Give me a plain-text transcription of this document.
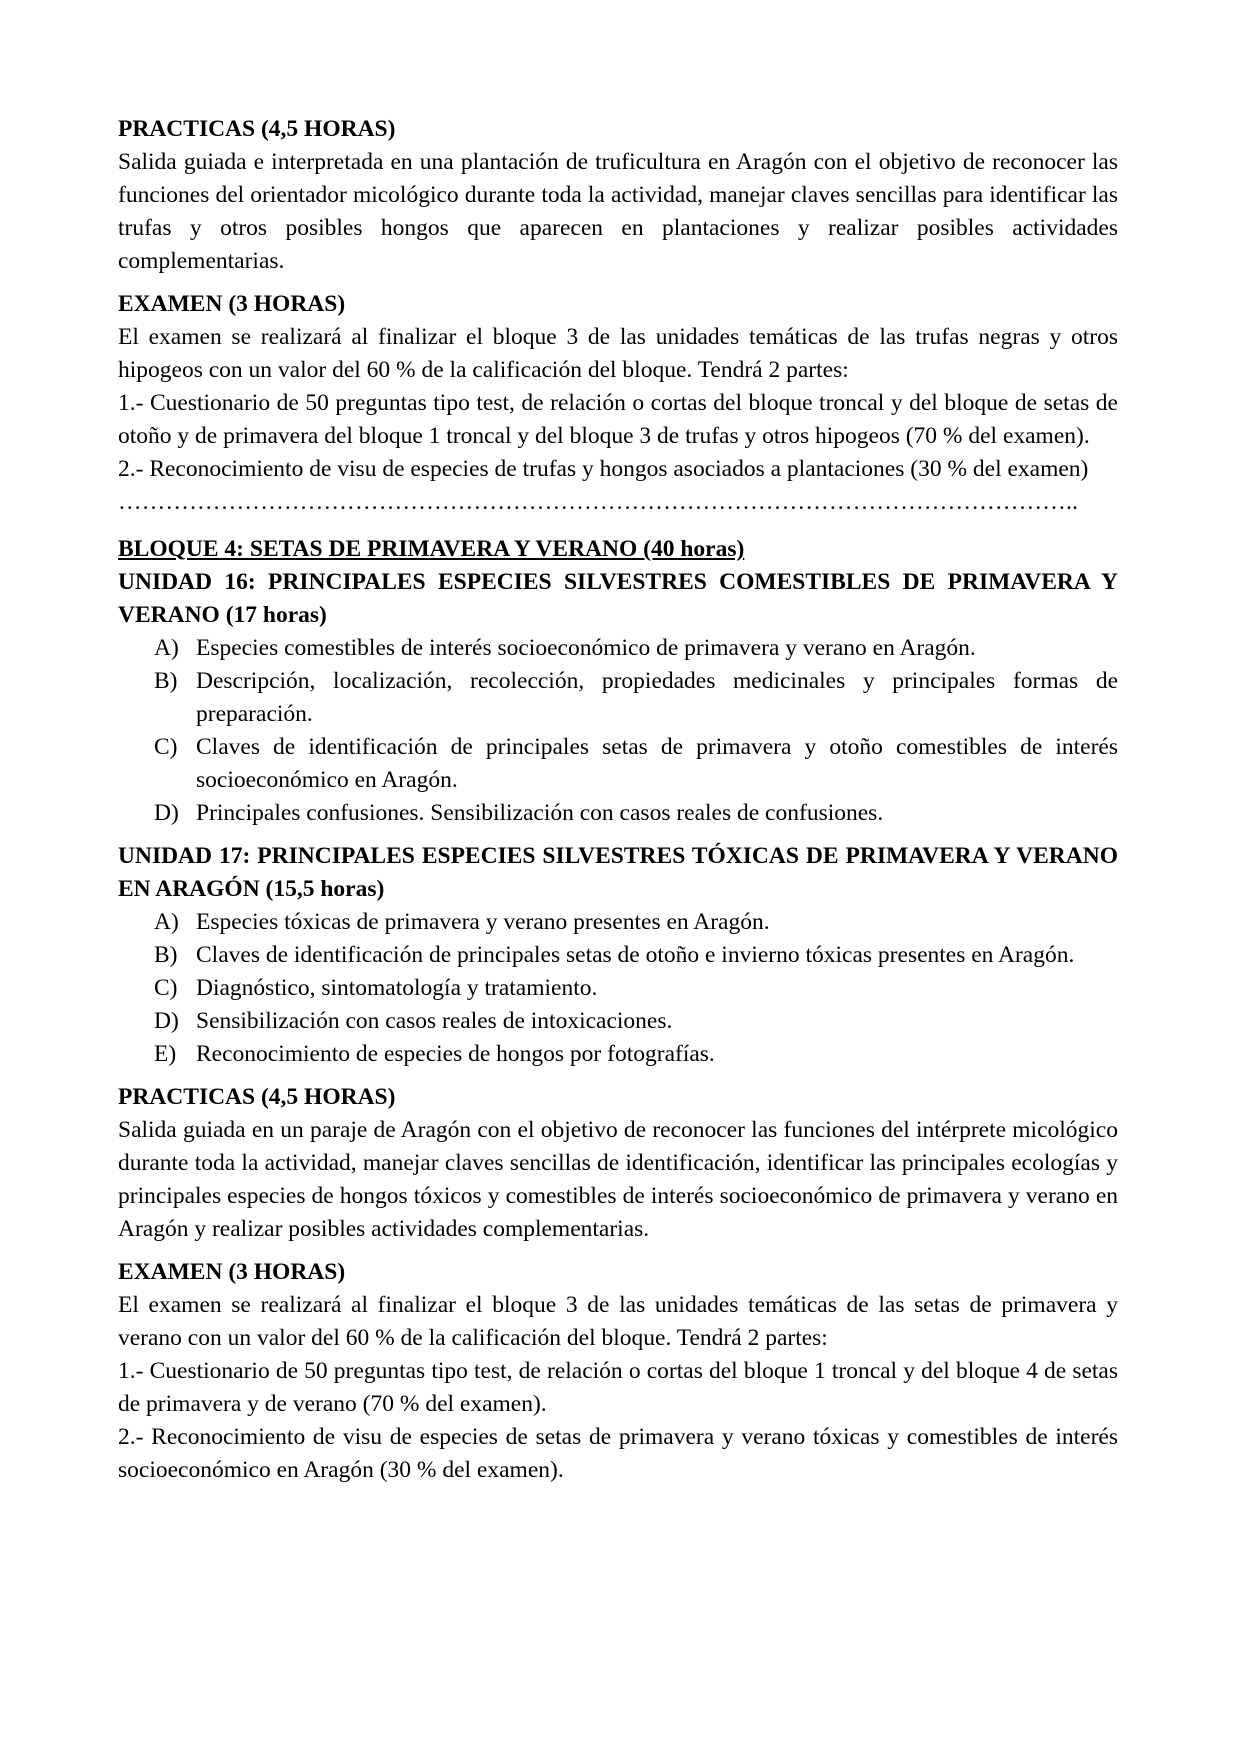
PRACTICAS (4,5 HORAS)

Salida guiada e interpretada en una plantación de truficultura en Aragón con el objetivo de reconocer las funciones del orientador micológico durante toda la actividad, manejar claves sencillas para identificar las trufas y otros posibles hongos que aparecen en plantaciones y realizar posibles actividades complementarias.

EXAMEN (3 HORAS)

El examen se realizará al finalizar el bloque 3 de las unidades temáticas de las trufas negras y otros hipogeos con un valor del 60 % de la calificación del bloque. Tendrá 2 partes:

1.- Cuestionario de 50 preguntas tipo test, de relación o cortas del bloque troncal y del bloque de setas de otoño y de primavera del bloque 1 troncal y del bloque 3 de trufas y otros hipogeos (70 % del examen).

2.- Reconocimiento de visu de especies de trufas y hongos asociados a plantaciones (30 % del examen)

…………………………………………………………………………………………………………..

BLOQUE 4: SETAS DE PRIMAVERA Y VERANO (40 horas)

UNIDAD 16: PRINCIPALES ESPECIES SILVESTRES COMESTIBLES DE PRIMAVERA Y VERANO (17 horas)

A) Especies comestibles de interés socioeconómico de primavera y verano en Aragón.
B) Descripción, localización, recolección, propiedades medicinales y principales formas de preparación.
C) Claves de identificación de principales setas de primavera y otoño comestibles de interés socioeconómico en Aragón.
D) Principales confusiones. Sensibilización con casos reales de confusiones.

UNIDAD 17: PRINCIPALES ESPECIES SILVESTRES TÓXICAS DE PRIMAVERA Y VERANO EN ARAGÓN (15,5 horas)

A) Especies tóxicas de primavera y verano presentes en Aragón.
B) Claves de identificación de principales setas de otoño e invierno tóxicas presentes en Aragón.
C) Diagnóstico, sintomatología y tratamiento.
D) Sensibilización con casos reales de intoxicaciones.
E) Reconocimiento de especies de hongos por fotografías.

PRACTICAS (4,5 HORAS)

Salida guiada en un paraje de Aragón con el objetivo de reconocer las funciones del intérprete micológico durante toda la actividad, manejar claves sencillas de identificación, identificar las principales ecologías y principales especies de hongos tóxicos y comestibles de interés socioeconómico de primavera y verano en Aragón y realizar posibles actividades complementarias.

EXAMEN (3 HORAS)

El examen se realizará al finalizar el bloque 3 de las unidades temáticas de las setas de primavera y verano con un valor del 60 % de la calificación del bloque. Tendrá 2 partes:

1.- Cuestionario de 50 preguntas tipo test, de relación o cortas del bloque 1 troncal y del bloque 4 de setas de primavera y de verano (70 % del examen).

2.- Reconocimiento de visu de especies de setas de primavera y verano tóxicas y comestibles de interés socioeconómico en Aragón (30 % del examen).
